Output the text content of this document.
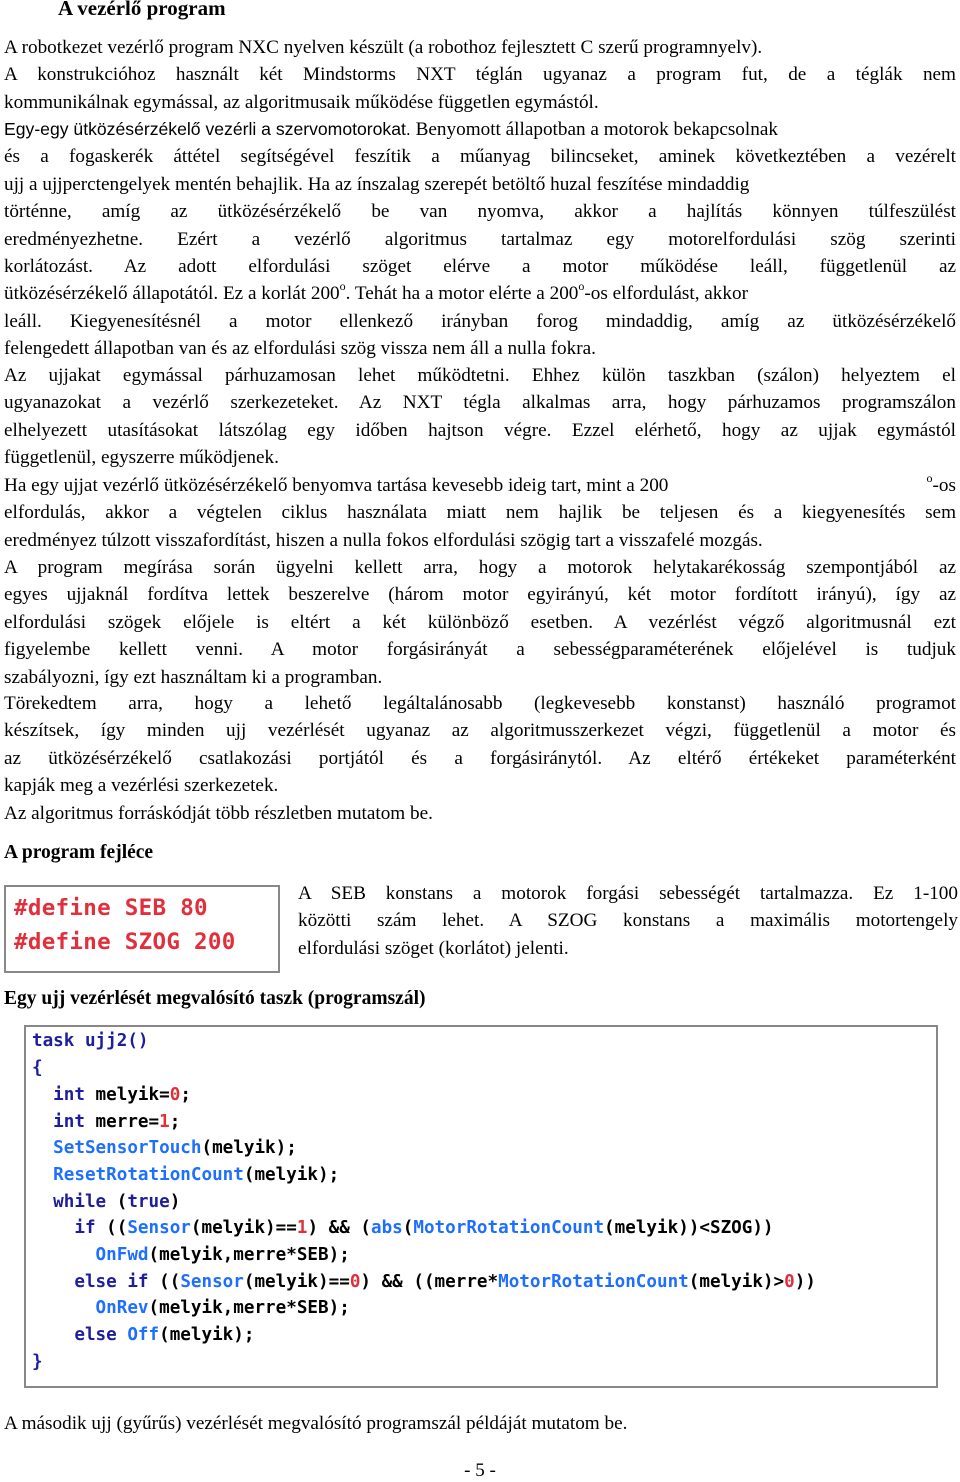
A vezérlő program
A robotkezet vezérlő program NXC nyelven készült (a robothoz fejlesztett C szerű programnyelv).
A konstrukcióhoz használt két Mindstorms NXT téglán ugyanaz a program fut, de a téglák nem
kommunikálnak egymással, az algoritmusaik működése független egymástól.
Egy-egy ütközésérzékelő vezérli a szervomotorokat. Benyomott állapotban a motorok bekapcsolnak
és a fogaskerék áttétel segítségével feszítik a műanyag bilincseket, aminek következtében a vezérelt
ujj a ujjperctengelyek mentén behajlik. Ha az ínszalag szerepét betöltő huzal feszítése mindaddig
történne, amíg az ütközésérzékelő be van nyomva, akkor a hajlítás könnyen túlfeszülést
eredményezhetne. Ezért a vezérlő algoritmus tartalmaz egy motorelfordulási szög szerinti
korlátozást. Az adott elfordulási szöget elérve a motor működése leáll, függetlenül az
ütközésérzékelő állapotától. Ez a korlát 200$^o$. Tehát ha a motor elérte a 200$^o$-os elfordulást, akkor
leáll. Kiegyenesítésnél a motor ellenkező irányban forog mindaddig, amíg az ütközésérzékelő
felengedett állapotban van és az elfordulási szög vissza nem áll a nulla fokra.
Az ujjakat egymással párhuzamosan lehet működtetni. Ehhez külön taszkban (szálon) helyeztem el
ugyanazokat a vezérlő szerkezeteket. Az NXT tégla alkalmas arra, hogy párhuzamos programszálon
elhelyezett utasításokat látszólag egy időben hajtson végre. Ezzel elérhető, hogy az ujjak egymástól
függetlenül, egyszerre működjenek.
Ha egy ujjat vezérlő ütközésérzékelő benyomva tartása kevesebb ideig tart, mint a 200	$^o$-os
elfordulás, akkor a végtelen ciklus használata miatt nem hajlik be teljesen és a kiegyenesítés sem
eredményez túlzott visszafordítást, hiszen a nulla fokos elfordulási szögig tart a visszafelé mozgás.
A program megírása során ügyelni kellett arra, hogy a motorok helytakarékosság szempontjából az
egyes ujjaknál fordítva lettek beszerelve (három motor egyirányú, két motor fordított irányú), így az
elfordulási szögek előjele is eltért a két különböző esetben. A vezérlést végző algoritmusnál ezt
figyelembe kellett venni. A motor forgásirányát a sebességparaméterének előjelével is tudjuk
szabályozni, így ezt használtam ki a programban.
Törekedtem arra, hogy a lehető legáltalánosabb (legkevesebb konstanst) használó programot
készítsek, így minden ujj vezérlését ugyanaz az algoritmusszerkezet végzi, függetlenül a motor és
az ütközésérzékelő csatlakozási portjától és a forgásiránytól. Az eltérő értékeket paraméterként
kapják meg a vezérlési szerkezetek.
Az algoritmus forráskódját több részletben mutatom be.
A program fejléce
#define SEB 80
#define SZOG 200
A SEB konstans a motorok forgási sebességét tartalmazza. Ez 1-100
közötti szám lehet. A SZOG konstans a maximális motortengely
elfordulási szöget (korlátot) jelenti.
Egy ujj vezérlését megvalósító taszk (programszál)
task ujj2()
{
int melyik=0;
int merre=1;
SetSensorTouch(melyik);
ResetRotationCount(melyik);
while (true)
if ((Sensor(melyik)==1) && (abs(MotorRotationCount(melyik))<SZOG))
OnFwd(melyik,merre*SEB);
else if ((Sensor(melyik)==0) && ((merre*MotorRotationCount(melyik)>0))
OnRev(melyik,merre*SEB);
else Off(melyik);
}
A második ujj (gyűrűs) vezérlését megvalósító programszál példáját mutatom be.
- 5 -
